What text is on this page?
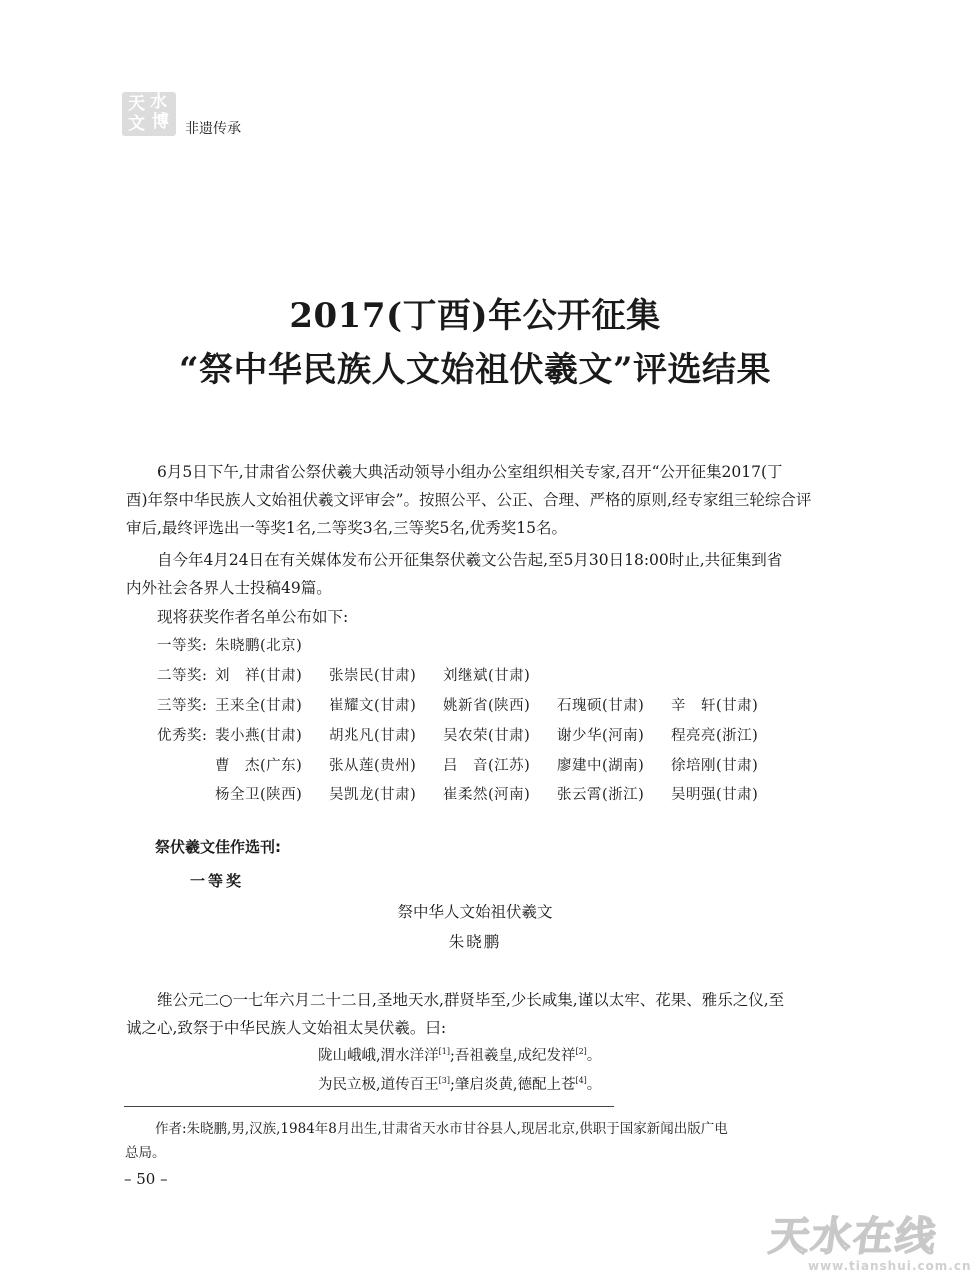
天 水
文 博 非遗传承
2017(丁酉)年公开征集
“祭中华民族人文始祖伏羲文”评选结果
6月5日下午,甘肃省公祭伏羲大典活动领导小组办公室组织相关专家,召开“公开征集2017(丁
酉)年祭中华民族人文始祖伏羲文评审会”。按照公平、公正、合理、严格的原则,经专家组三轮综合评
审后,最终评选出一等奖1名,二等奖3名,三等奖5名,优秀奖15名。
自今年4月24日在有关媒体发布公开征集祭伏羲文公告起,至5月30日18:00时止,共征集到省
内外社会各界人士投稿49篇。
现将获奖作者名单公布如下:
一等奖: 朱晓鹏(北京)
二等奖: 刘　祥(甘肃) 张崇民(甘肃) 刘继斌(甘肃)
三等奖: 王来全(甘肃) 崔耀文(甘肃) 姚新省(陕西) 石瑰硕(甘肃) 辛　轩(甘肃)
优秀奖: 裴小燕(甘肃) 胡兆凡(甘肃) 吴农荣(甘肃) 谢少华(河南) 程亮亮(浙江)
曹　杰(广东) 张从莲(贵州) 吕　音(江苏) 廖建中(湖南) 徐培刚(甘肃)
杨全卫(陕西) 吴凯龙(甘肃) 崔柔然(河南) 张云霄(浙江) 吴明强(甘肃)
祭伏羲文佳作选刊:
一等奖
祭中华人文始祖伏羲文
朱晓鹏
维公元二○一七年六月二十二日,圣地天水,群贤毕至,少长咸集,谨以太牢、花果、雅乐之仪,至
诚之心,致祭于中华民族人文始祖太昊伏羲。曰:
陇山峨峨,渭水洋洋[1];吾祖羲皇,成纪发祥[2]。
为民立极,道传百王[3];肇启炎黄,德配上苍[4]。
作者:朱晓鹏,男,汉族,1984年8月出生,甘肃省天水市甘谷县人,现居北京,供职于国家新闻出版广电
总局。
– 50 –
天水在线
www.tianshui.com.cn
